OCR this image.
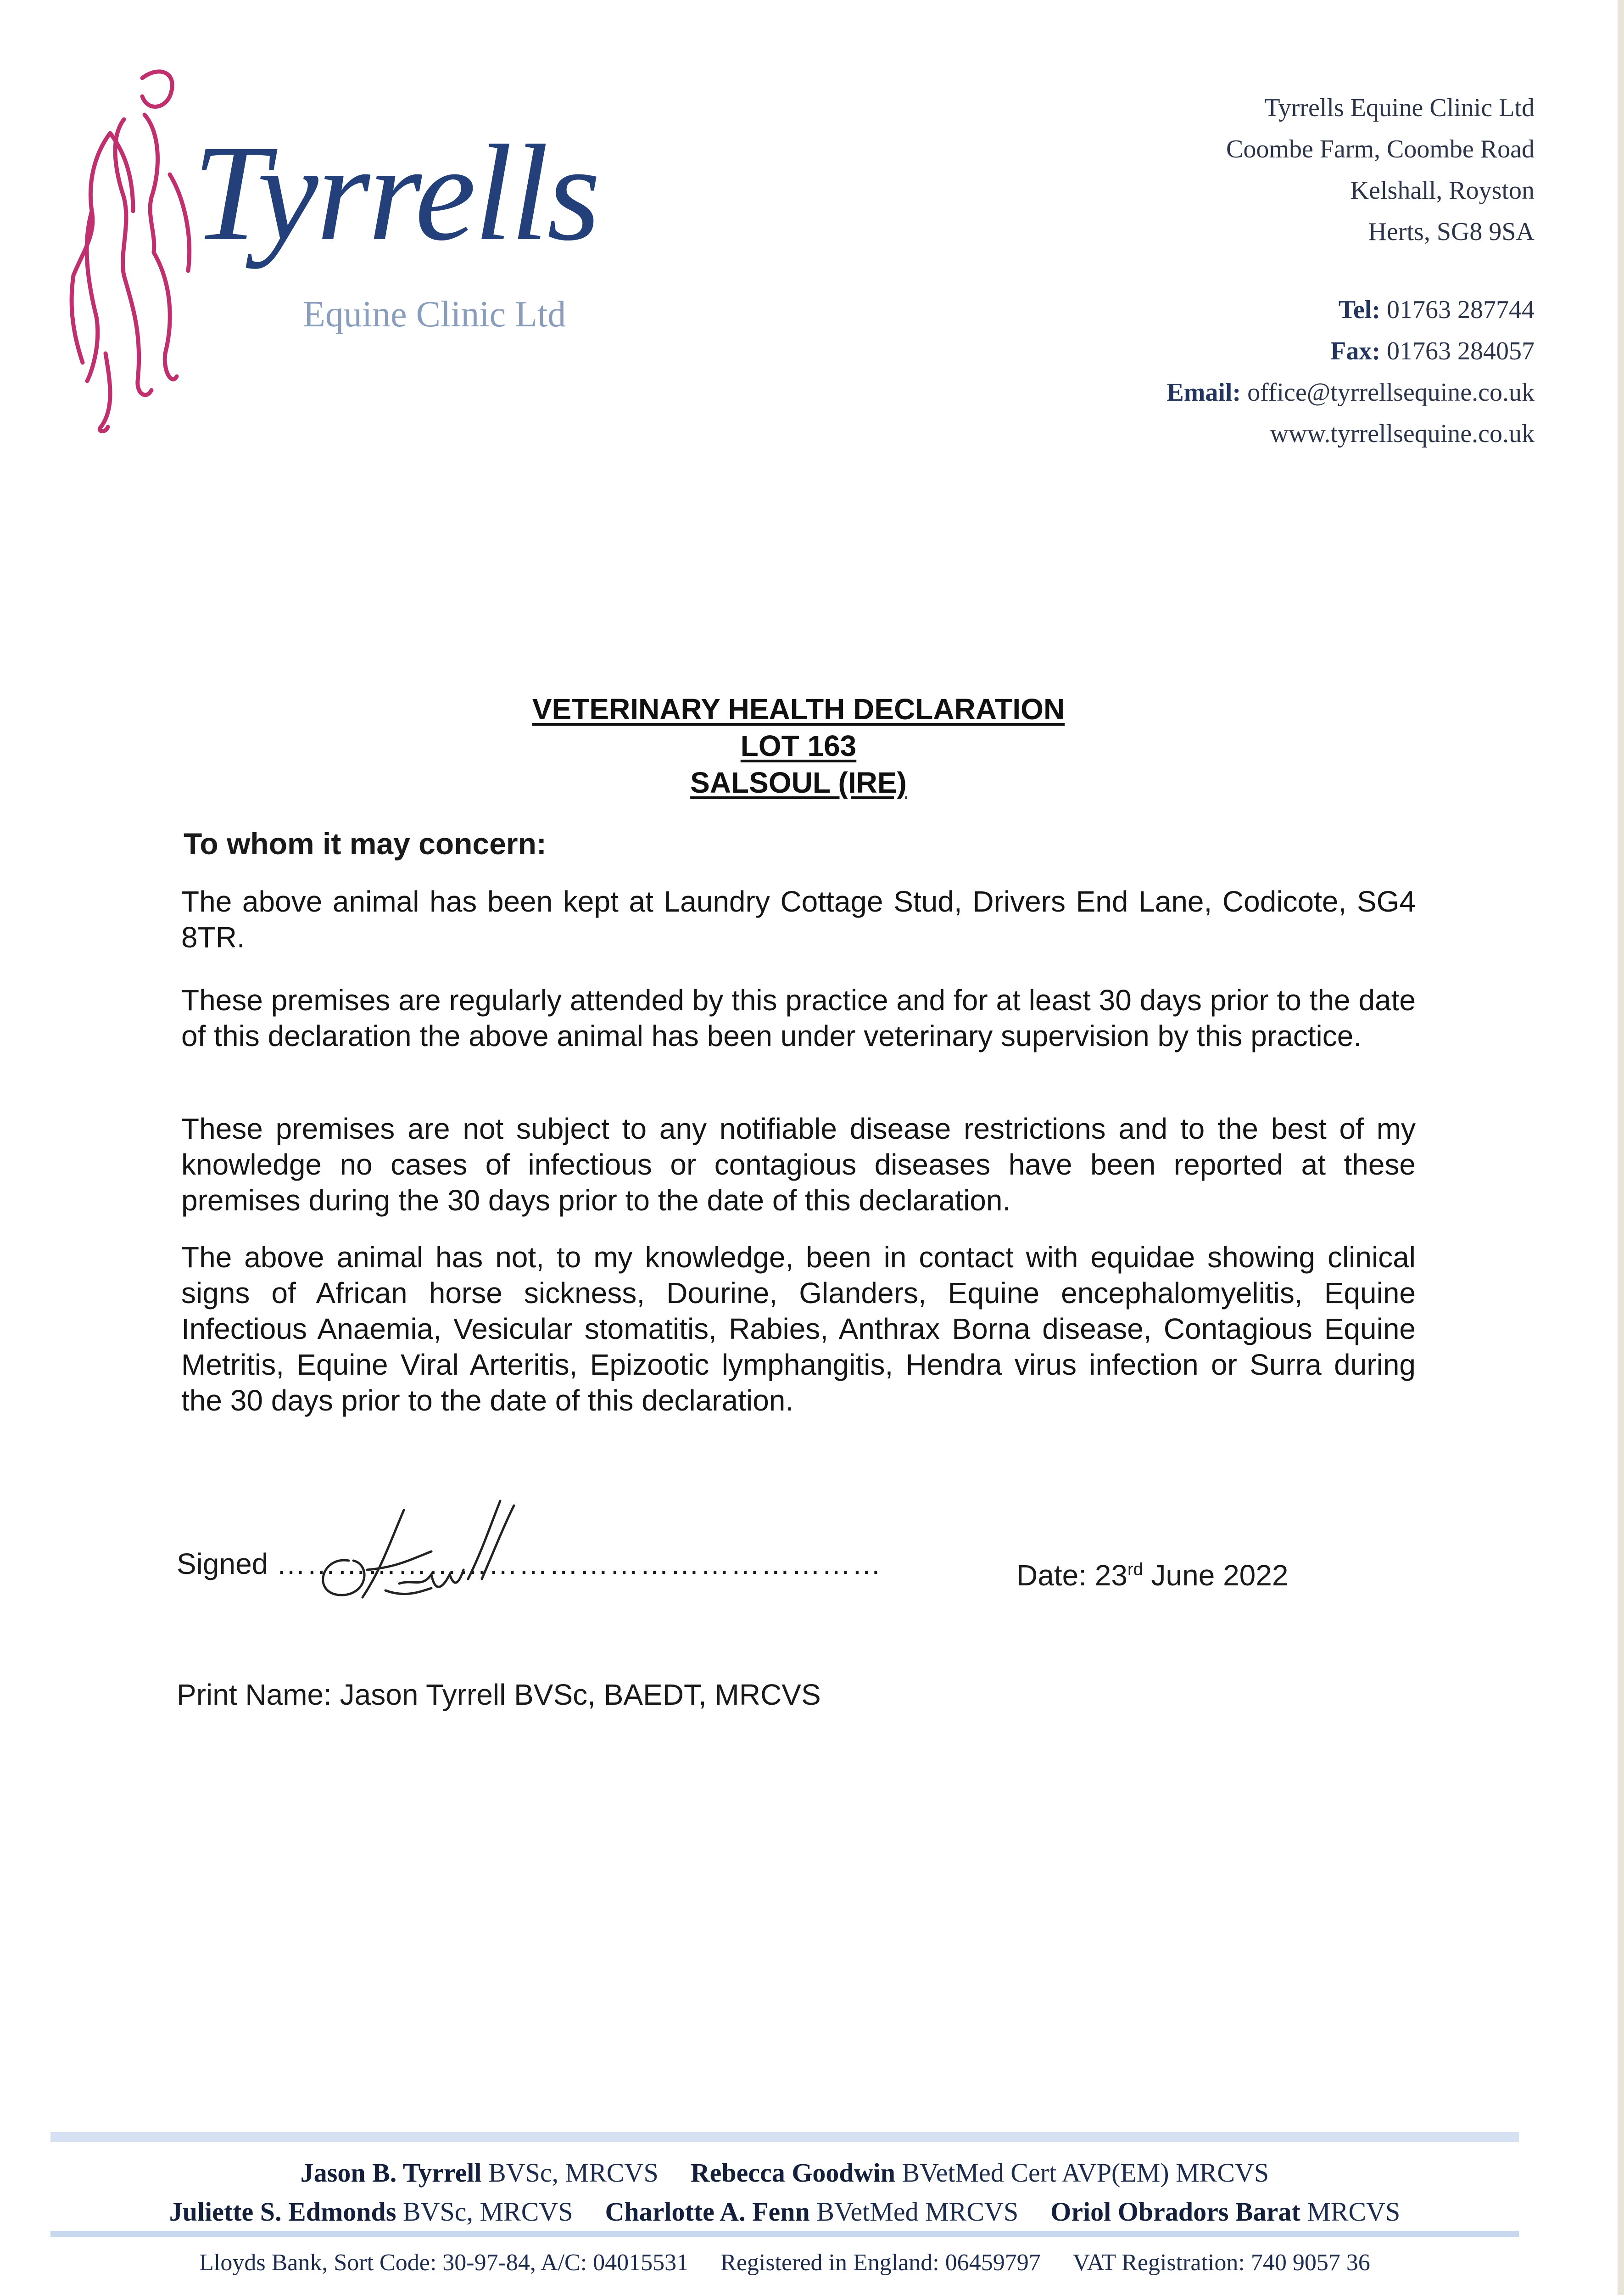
Tyrrells
Equine Clinic Ltd
Tyrrells Equine Clinic Ltd
Coombe Farm, Coombe Road
Kelshall, Royston
Herts, SG8 9SA
Tel: 01763 287744
Fax: 01763 284057
Email: office@tyrrellsequine.co.uk
www.tyrrellsequine.co.uk
VETERINARY HEALTH DECLARATION
LOT 163
SALSOUL (IRE)
To whom it may concern:
The above animal has been kept at Laundry Cottage Stud, Drivers End Lane, Codicote, SG4 8TR.
These premises are regularly attended by this practice and for at least 30 days prior to the date of this declaration the above animal has been under veterinary supervision by this practice.
These premises are not subject to any notifiable disease restrictions and to the best of my knowledge no cases of infectious or contagious diseases have been reported at these premises during the 30 days prior to the date of this declaration.
The above animal has not, to my knowledge, been in contact with equidae showing clinical signs of African horse sickness, Dourine, Glanders, Equine encephalomyelitis, Equine Infectious Anaemia, Vesicular stomatitis, Rabies, Anthrax Borna disease, Contagious Equine Metritis, Equine Viral Arteritis, Epizootic lymphangitis, Hendra virus infection or Surra during the 30 days prior to the date of this declaration.
Signed ……………………………………………………	Date: 23rd June 2022
Print Name: Jason Tyrrell BVSc, BAEDT, MRCVS
Jason B. Tyrrell BVSc, MRCVS Rebecca Goodwin BVetMed Cert AVP(EM) MRCVS
Juliette S. Edmonds BVSc, MRCVS Charlotte A. Fenn BVetMed MRCVS Oriol Obradors Barat MRCVS
Lloyds Bank, Sort Code: 30-97-84, A/C: 04015531 Registered in England: 06459797 VAT Registration: 740 9057 36
